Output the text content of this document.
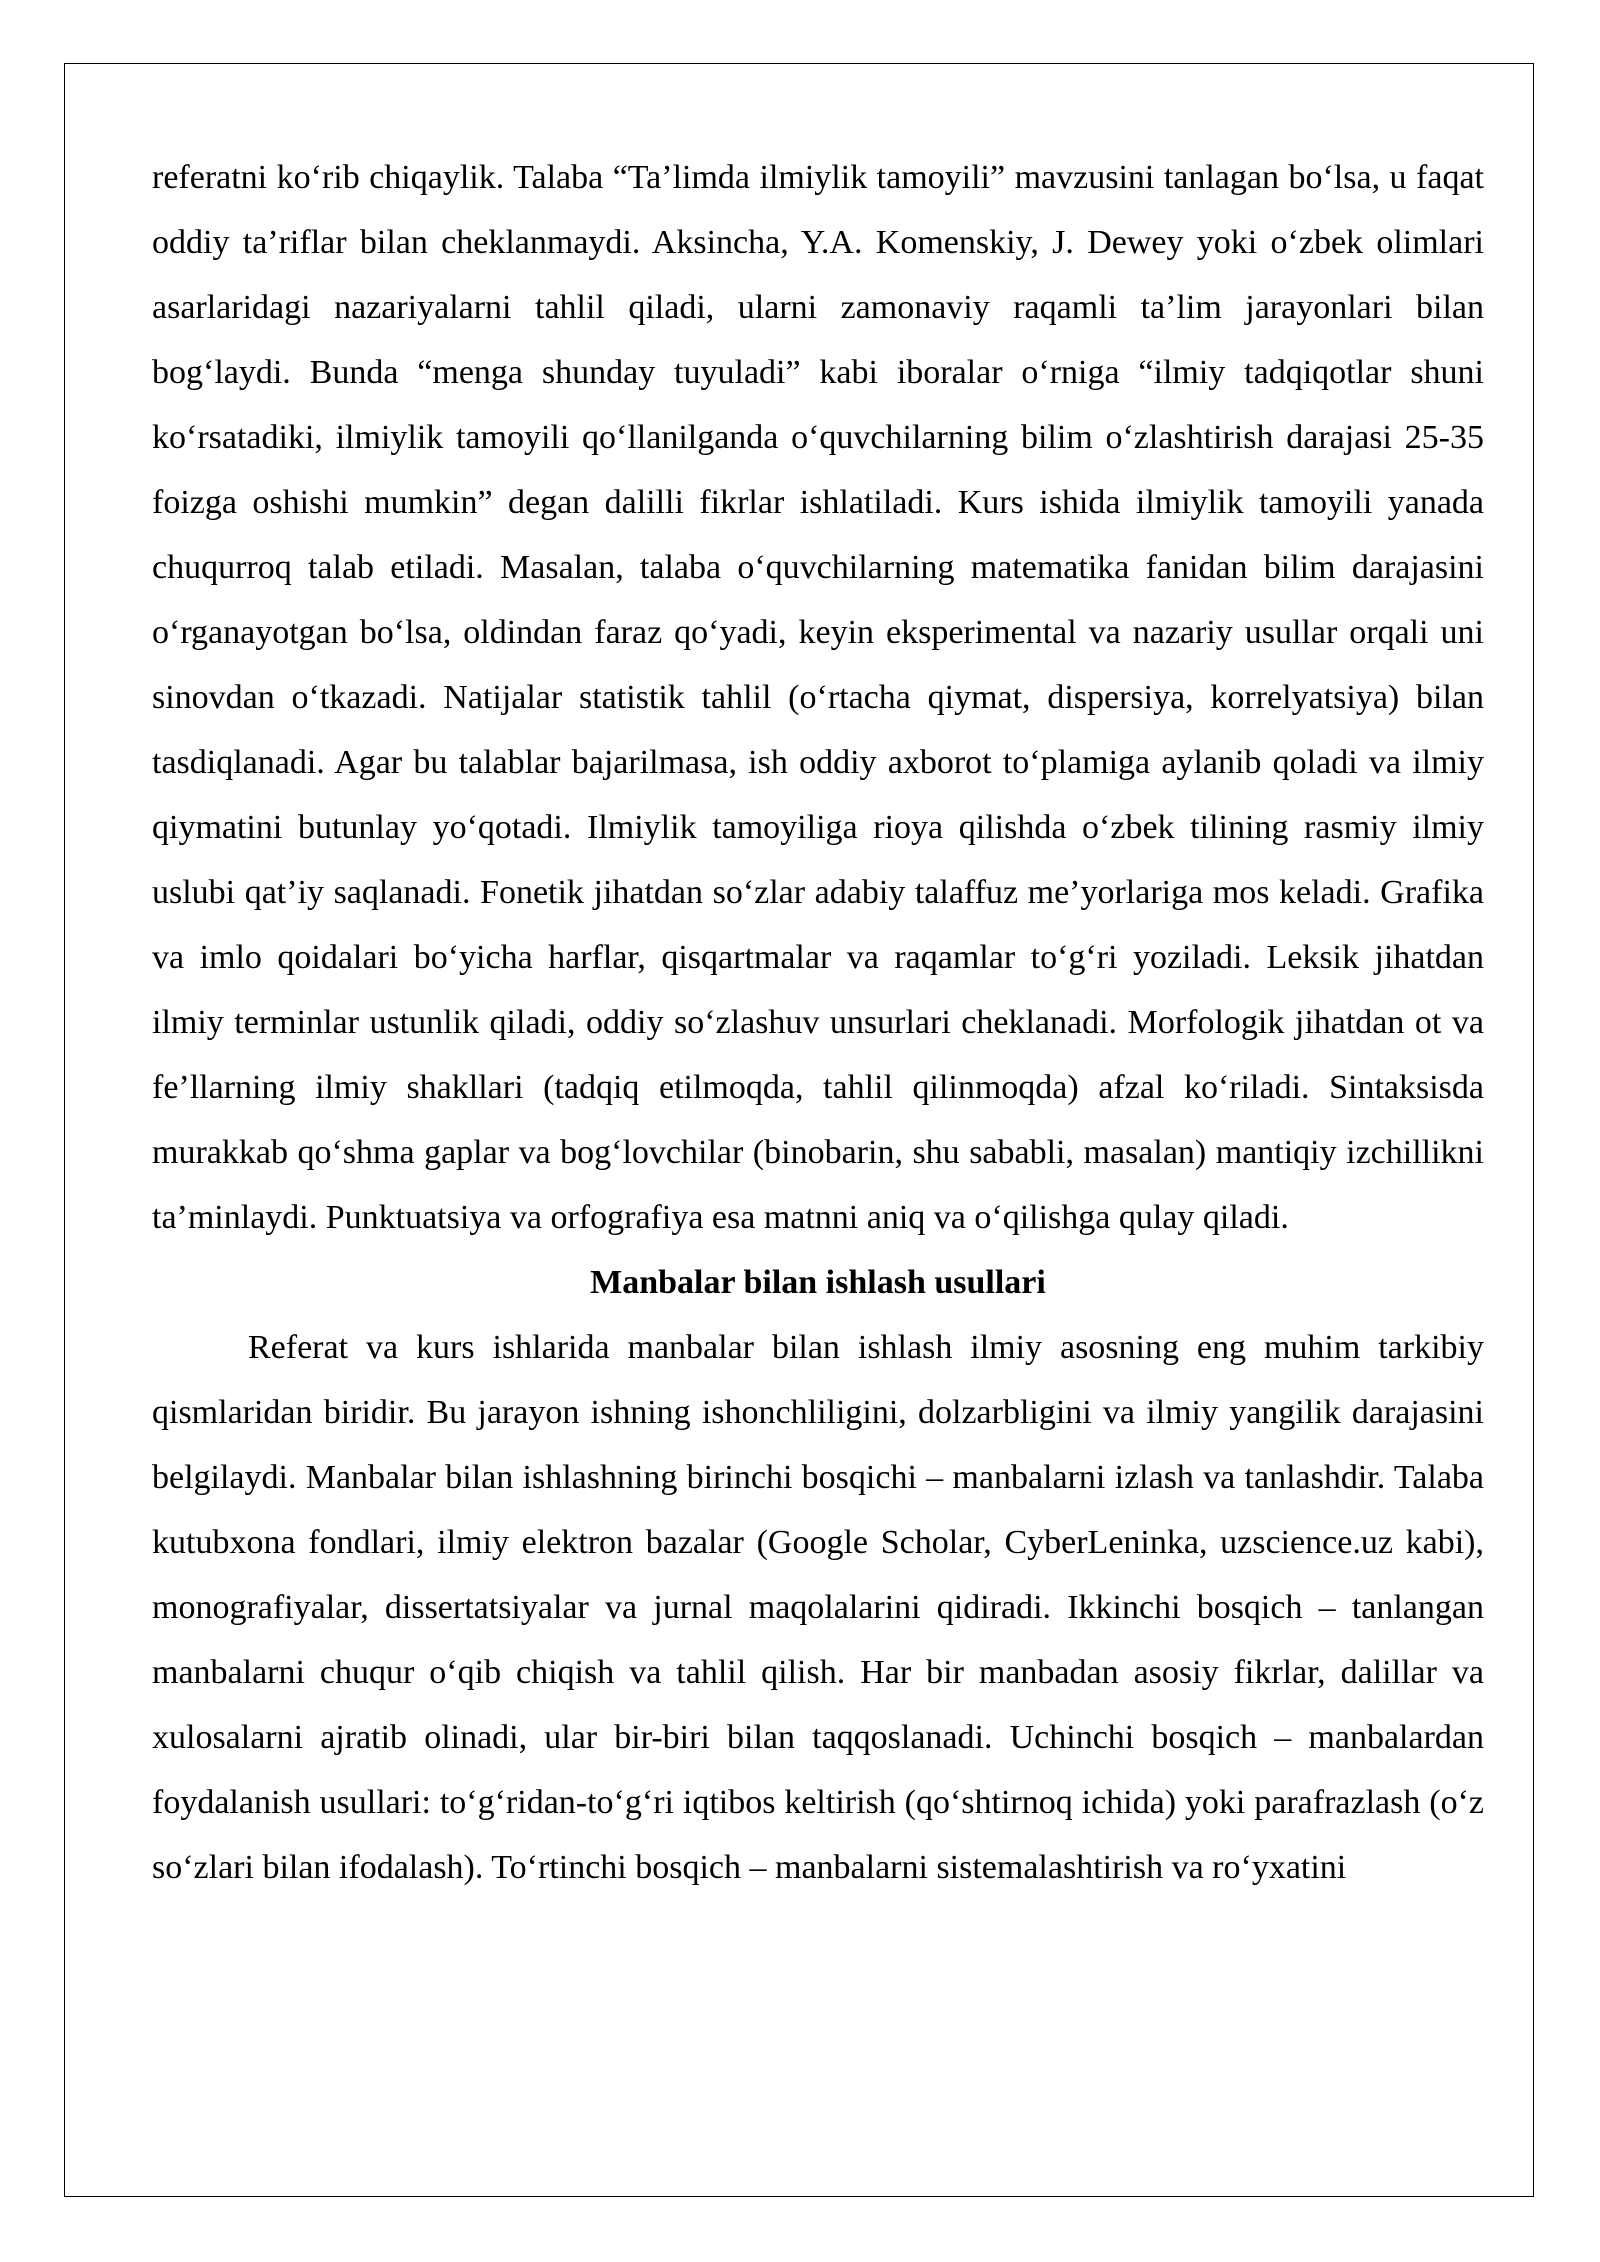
referatni ko‘rib chiqaylik. Talaba “Ta’limda ilmiylik tamoyili” mavzusini tanlagan bo‘lsa, u faqat oddiy ta’riflar bilan cheklanmaydi. Aksincha, Y.A. Komenskiy, J. Dewey yoki o‘zbek olimlari asarlaridagi nazariyalarni tahlil qiladi, ularni zamonaviy raqamli ta’lim jarayonlari bilan bog‘laydi. Bunda “menga shunday tuyuladi” kabi iboralar o‘rniga “ilmiy tadqiqotlar shuni ko‘rsatadiki, ilmiylik tamoyili qo‘llanilganda o‘quvchilarning bilim o‘zlashtirish darajasi 25-35 foizga oshishi mumkin” degan dalilli fikrlar ishlatiladi. Kurs ishida ilmiylik tamoyili yanada chuqurroq talab etiladi. Masalan, talaba o‘quvchilarning matematika fanidan bilim darajasini o‘rganayotgan bo‘lsa, oldindan faraz qo‘yadi, keyin eksperimental va nazariy usullar orqali uni sinovdan o‘tkazadi. Natijalar statistik tahlil (o‘rtacha qiymat, dispersiya, korrelyatsiya) bilan tasdiqlanadi. Agar bu talablar bajarilmasa, ish oddiy axborot to‘plamiga aylanib qoladi va ilmiy qiymatini butunlay yo‘qotadi. Ilmiylik tamoyiliga rioya qilishda o‘zbek tilining rasmiy ilmiy uslubi qat’iy saqlanadi. Fonetik jihatdan so‘zlar adabiy talaffuz me’yorlariga mos keladi. Grafika va imlo qoidalari bo‘yicha harflar, qisqartmalar va raqamlar to‘g‘ri yoziladi. Leksik jihatdan ilmiy terminlar ustunlik qiladi, oddiy so‘zlashuv unsurlari cheklanadi. Morfologik jihatdan ot va fe’llarning ilmiy shakllari (tadqiq etilmoqda, tahlil qilinmoqda) afzal ko‘riladi. Sintaksisda murakkab qo‘shma gaplar va bog‘lovchilar (binobarin, shu sababli, masalan) mantiqiy izchillikni ta’minlaydi. Punktuatsiya va orfografiya esa matnni aniq va o‘qilishga qulay qiladi.

Manbalar bilan ishlash usullari

Referat va kurs ishlarida manbalar bilan ishlash ilmiy asosning eng muhim tarkibiy qismlaridan biridir. Bu jarayon ishning ishonchliligini, dolzarbligini va ilmiy yangilik darajasini belgilaydi. Manbalar bilan ishlashning birinchi bosqichi – manbalarni izlash va tanlashdir. Talaba kutubxona fondlari, ilmiy elektron bazalar (Google Scholar, CyberLeninka, uzscience.uz kabi), monografiyalar, dissertatsiyalar va jurnal maqolalarini qidiradi. Ikkinchi bosqich – tanlangan manbalarni chuqur o‘qib chiqish va tahlil qilish. Har bir manbadan asosiy fikrlar, dalillar va xulosalarni ajratib olinadi, ular bir-biri bilan taqqoslanadi. Uchinchi bosqich – manbalardan foydalanish usullari: to‘g‘ridan-to‘g‘ri iqtibos keltirish (qo‘shtirnoq ichida) yoki parafrazlash (o‘z so‘zlari bilan ifodalash). To‘rtinchi bosqich – manbalarni sistemalashtirish va ro‘yxatini
